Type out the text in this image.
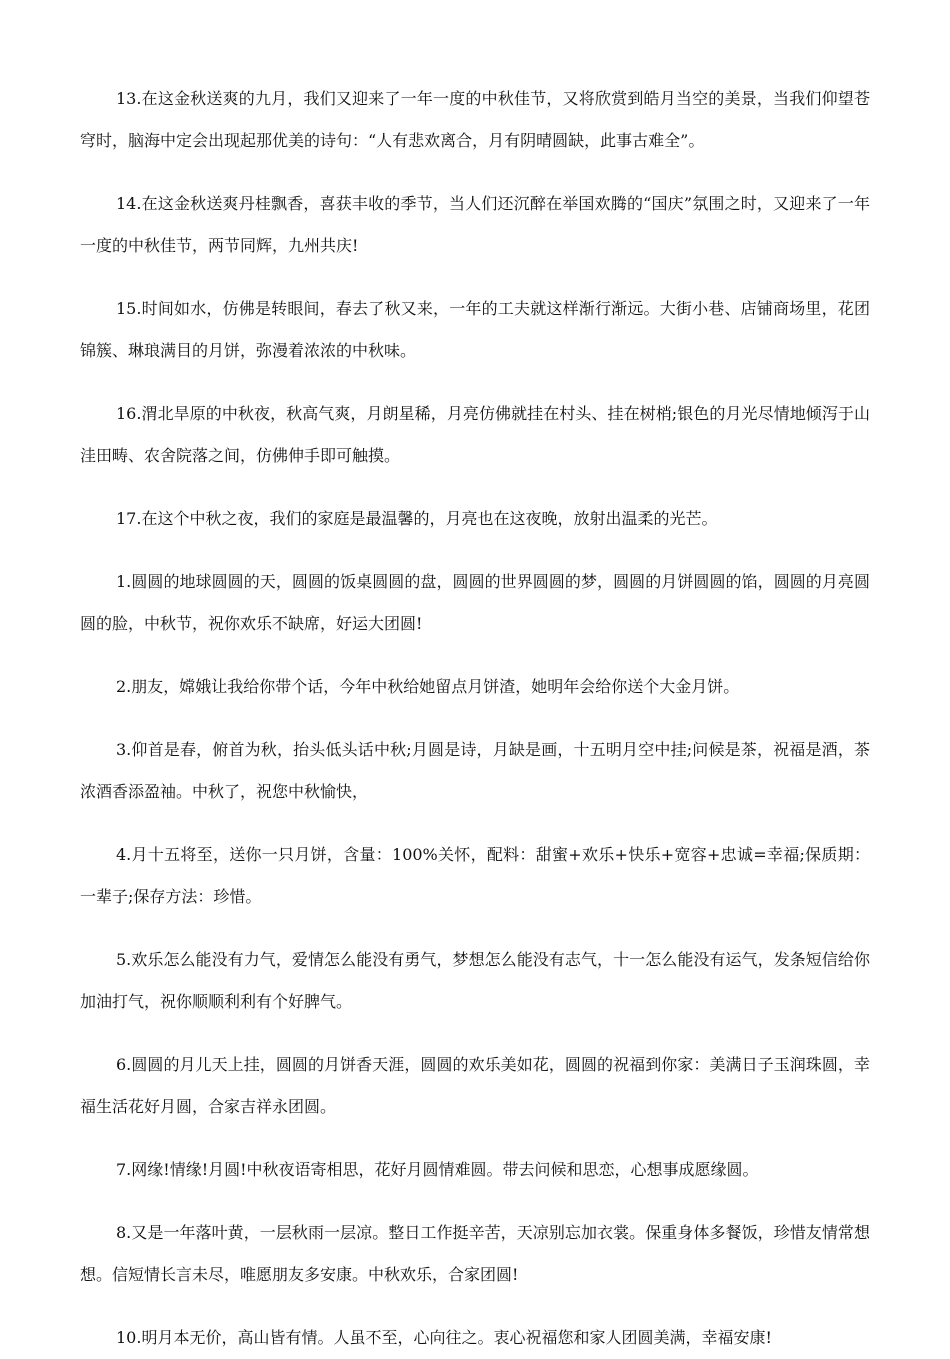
13.在这金秋送爽的九月，我们又迎来了一年一度的中秋佳节，又将欣赏到皓月当空的美景，当我们仰望苍穹时，脑海中定会出现起那优美的诗句：“人有悲欢离合，月有阴晴圆缺，此事古难全”。

14.在这金秋送爽丹桂飘香，喜获丰收的季节，当人们还沉醉在举国欢腾的“国庆”氛围之时，又迎来了一年一度的中秋佳节，两节同辉，九州共庆!

15.时间如水，仿佛是转眼间，春去了秋又来，一年的工夫就这样渐行渐远。大街小巷、店铺商场里，花团锦簇、琳琅满目的月饼，弥漫着浓浓的中秋味。

16.渭北旱原的中秋夜，秋高气爽，月朗星稀，月亮仿佛就挂在村头、挂在树梢;银色的月光尽情地倾泻于山洼田畴、农舍院落之间，仿佛伸手即可触摸。

17.在这个中秋之夜，我们的家庭是最温馨的，月亮也在这夜晚，放射出温柔的光芒。

1.圆圆的地球圆圆的天，圆圆的饭桌圆圆的盘，圆圆的世界圆圆的梦，圆圆的月饼圆圆的馅，圆圆的月亮圆圆的脸，中秋节，祝你欢乐不缺席，好运大团圆!

2.朋友，嫦娥让我给你带个话，今年中秋给她留点月饼渣，她明年会给你送个大金月饼。

3.仰首是春，俯首为秋，抬头低头话中秋;月圆是诗，月缺是画，十五明月空中挂;问候是茶，祝福是酒，茶浓酒香添盈袖。中秋了，祝您中秋愉快，

4.月十五将至，送你一只月饼，含量：100%关怀，配料：甜蜜+欢乐+快乐+宽容+忠诚=幸福;保质期：一辈子;保存方法：珍惜。

5.欢乐怎么能没有力气，爱情怎么能没有勇气，梦想怎么能没有志气，十一怎么能没有运气，发条短信给你加油打气，祝你顺顺利利有个好脾气。

6.圆圆的月儿天上挂，圆圆的月饼香天涯，圆圆的欢乐美如花，圆圆的祝福到你家：美满日子玉润珠圆，幸福生活花好月圆，合家吉祥永团圆。

7.网缘!情缘!月圆!中秋夜语寄相思，花好月圆情难圆。带去问候和思恋，心想事成愿缘圆。

8.又是一年落叶黄，一层秋雨一层凉。整日工作挺辛苦，天凉别忘加衣裳。保重身体多餐饭，珍惜友情常想想。信短情长言未尽，唯愿朋友多安康。中秋欢乐，合家团圆!

10.明月本无价，高山皆有情。人虽不至，心向往之。衷心祝福您和家人团圆美满，幸福安康!
